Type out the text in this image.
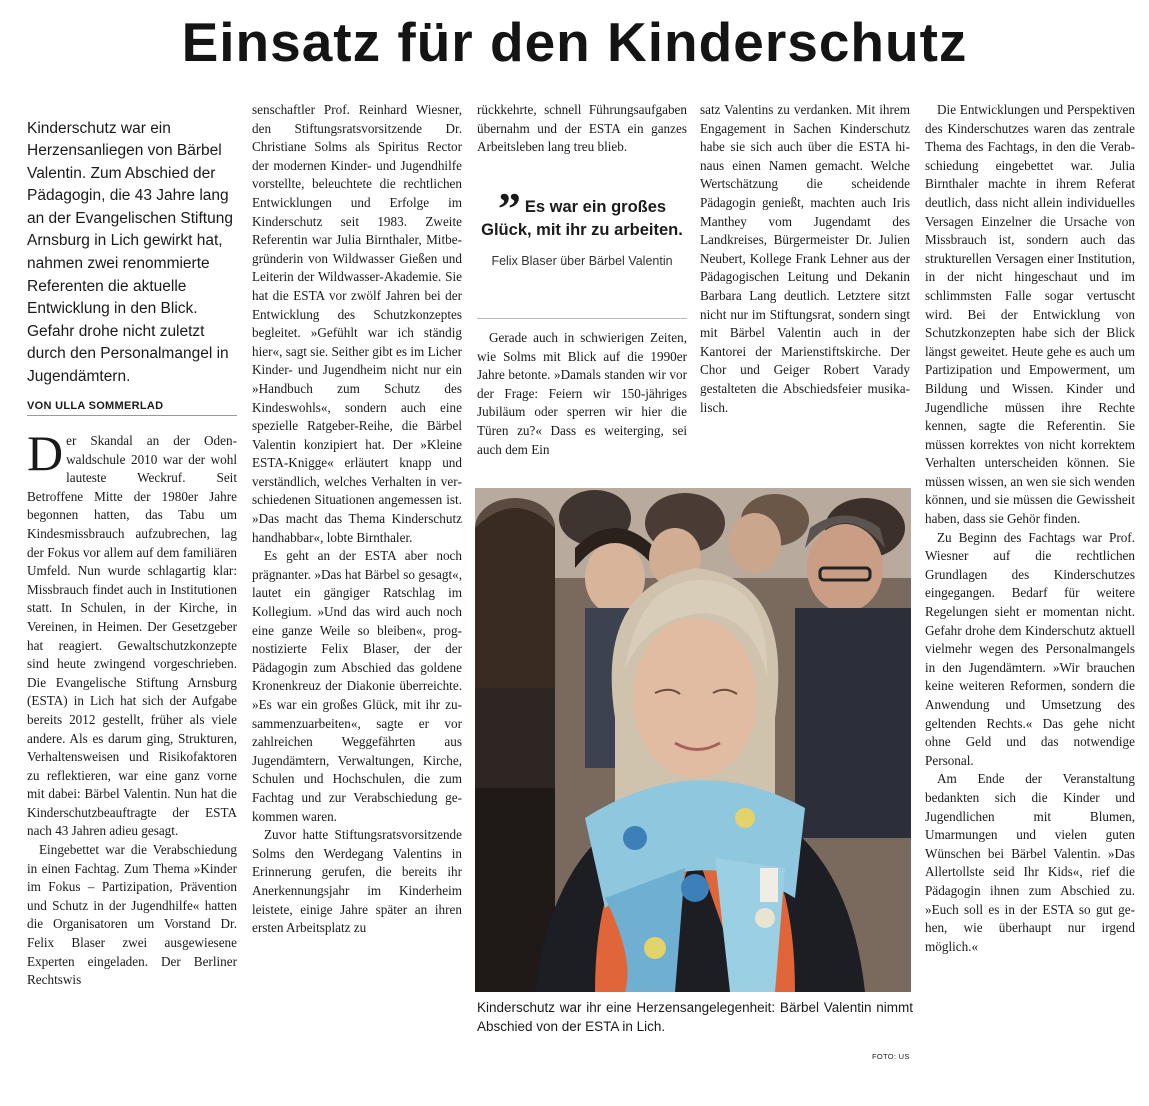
Einsatz für den Kinderschutz

Kinderschutz war ein Herzensanliegen von Bärbel Valentin. Zum Abschied der Pädagogin, die 43 Jahre lang an der Evangelischen Stiftung Arnsburg in Lich gewirkt hat, nahmen zwei renommierte Referenten die aktuelle Entwicklung in den Blick. Gefahr drohe nicht zuletzt durch den Personalmangel in Jugendämtern.

VON ULLA SOMMERLAD

Der Skandal an der Odenwaldschule 2010 war der wohl lauteste Weckruf. Seit Betroffene Mitte der 1980er Jahre begonnen hatten, das Tabu um Kindesmissbrauch aufzubrechen, lag der Fokus vor allem auf dem familiären Umfeld. Nun wurde schlagartig klar: Missbrauch findet auch in Institutionen statt. In Schulen, in der Kirche, in Vereinen, in Heimen. Der Gesetzgeber hat reagiert. Gewaltschutzkonzepte sind heute zwingend vorgeschrieben. Die Evangelische Stiftung Arnsburg (ESTA) in Lich hat sich der Aufgabe bereits 2012 gestellt, früher als viele andere. Als es darum ging, Strukturen, Verhaltensweisen und Risikofaktoren zu reflektieren, war eine ganz vorne mit dabei: Bärbel Valentin. Nun hat die Kinderschutzbeauftragte der ESTA nach 43 Jahren adieu gesagt.

Eingebettet war die Verabschiedung in einen Fachtag. Zum Thema »Kinder im Fokus – Partizipation, Prävention und Schutz in der Jugendhilfe« hatten die Organisatoren um Vorstand Dr. Felix Blaser zwei ausgewiesene Experten eingeladen. Der Berliner Rechtswis

senschaftler Prof. Reinhard Wiesner, den Stiftungsratsvorsitzende Dr. Christiane Solms als Spiritus Rector der modernen Kinder- und Jugendhilfe vorstellte, beleuchtete die rechtlichen Entwicklungen und Erfolge im Kinderschutz seit 1983. Zweite Referentin war Julia Birnthaler, Mitbegründerin von Wildwasser Gießen und Leiterin der Wildwasser-Akademie. Sie hat die ESTA vor zwölf Jahren bei der Entwicklung des Schutzkonzeptes begleitet. »Gefühlt war ich ständig hier«, sagt sie. Seither gibt es im Licher Kinder- und Jugendheim nicht nur ein »Handbuch zum Schutz des Kindeswohls«, sondern auch eine spezielle Ratgeber-Reihe, die Bärbel Valentin konzipiert hat. Der »Kleine ESTA-Knigge« erläutert knapp und verständlich, welches Verhalten in verschiedenen Situationen angemessen ist. »Das macht das Thema Kinderschutz handhabbar«, lobte Birnthaler.

Es geht an der ESTA aber noch prägnanter. »Das hat Bärbel so gesagt«, lautet ein gängiger Ratschlag im Kollegium. »Und das wird auch noch eine ganze Weile so bleiben«, prognostizierte Felix Blaser, der der Pädagogin zum Abschied das goldene Kronenkreuz der Diakonie überreichte. »Es war ein großes Glück, mit ihr zusammenzuarbeiten«, sagte er vor zahlreichen Weggefährten aus Jugendämtern, Verwaltungen, Kirche, Schulen und Hochschulen, die zum Fachtag und zur Verabschiedung gekommen waren.

Zuvor hatte Stiftungsratsvorsitzende Solms den Werdegang Valentins in Erinnerung gerufen, die bereits ihr Anerkennungsjahr im Kinderheim leistete, einige Jahre später an ihren ersten Arbeitsplatz zu

rückkehrte, schnell Führungsaufgaben übernahm und der ESTA ein ganzes Arbeitsleben lang treu blieb.

” Es war ein großes Glück, mit ihr zu arbeiten.

Felix Blaser über Bärbel Valentin

Gerade auch in schwierigen Zeiten, wie Solms mit Blick auf die 1990er Jahre betonte. »Damals standen wir vor der Frage: Feiern wir 150-jähriges Jubiläum oder sperren wir hier die Türen zu?« Dass es weiterging, sei auch dem Ein

satz Valentins zu verdanken. Mit ihrem Engagement in Sachen Kinderschutz habe sie sich auch über die ESTA hinaus einen Namen gemacht. Welche Wertschätzung die scheidende Pädagogin genießt, machten auch Iris Manthey vom Jugendamt des Landkreises, Bürgermeister Dr. Julien Neubert, Kollege Frank Lehner aus der Pädagogischen Leitung und Dekanin Barbara Lang deutlich. Letztere sitzt nicht nur im Stiftungsrat, sondern singt mit Bärbel Valentin auch in der Kantorei der Marienstiftskirche. Der Chor und Geiger Robert Varady gestalteten die Abschiedsfeier musikalisch.

Die Entwicklungen und Perspektiven des Kinderschutzes waren das zentrale Thema des Fachtags, in den die Verabschiedung eingebettet war. Julia Birnthaler machte in ihrem Referat deutlich, dass nicht allein individuelles Versagen Einzelner die Ursache von Missbrauch ist, sondern auch das strukturellen Versagen einer Institution, in der nicht hingeschaut und im schlimmsten Falle sogar vertuscht wird. Bei der Entwicklung von Schutzkonzepten habe sich der Blick längst geweitet. Heute gehe es auch um Partizipation und Empowerment, um Bildung und Wissen. Kinder und Jugendliche müssen ihre Rechte kennen, sagte die Referentin. Sie müssen korrektes von nicht korrektem Verhalten unterscheiden können. Sie müssen wissen, an wen sie sich wenden können, und sie müssen die Gewissheit haben, dass sie Gehör finden.

Zu Beginn des Fachtags war Prof. Wiesner auf die rechtlichen Grundlagen des Kinderschutzes eingegangen. Bedarf für weitere Regelungen sieht er momentan nicht. Gefahr drohe dem Kinderschutz aktuell vielmehr wegen des Personalmangels in den Jugendämtern. »Wir brauchen keine weiteren Reformen, sondern die Anwendung und Umsetzung des geltenden Rechts.« Das gehe nicht ohne Geld und das notwendige Personal.

Am Ende der Veranstaltung bedankten sich die Kinder und Jugendlichen mit Blumen, Umarmungen und vielen guten Wünschen bei Bärbel Valentin. »Das Allertollste seid Ihr Kids«, rief die Pädagogin ihnen zum Abschied zu. »Euch soll es in der ESTA so gut gehen, wie überhaupt nur irgend möglich.«

Kinderschutz war ihr eine Herzensangelegenheit: Bärbel Valentin nimmt Abschied von der ESTA in Lich.

FOTO: US
